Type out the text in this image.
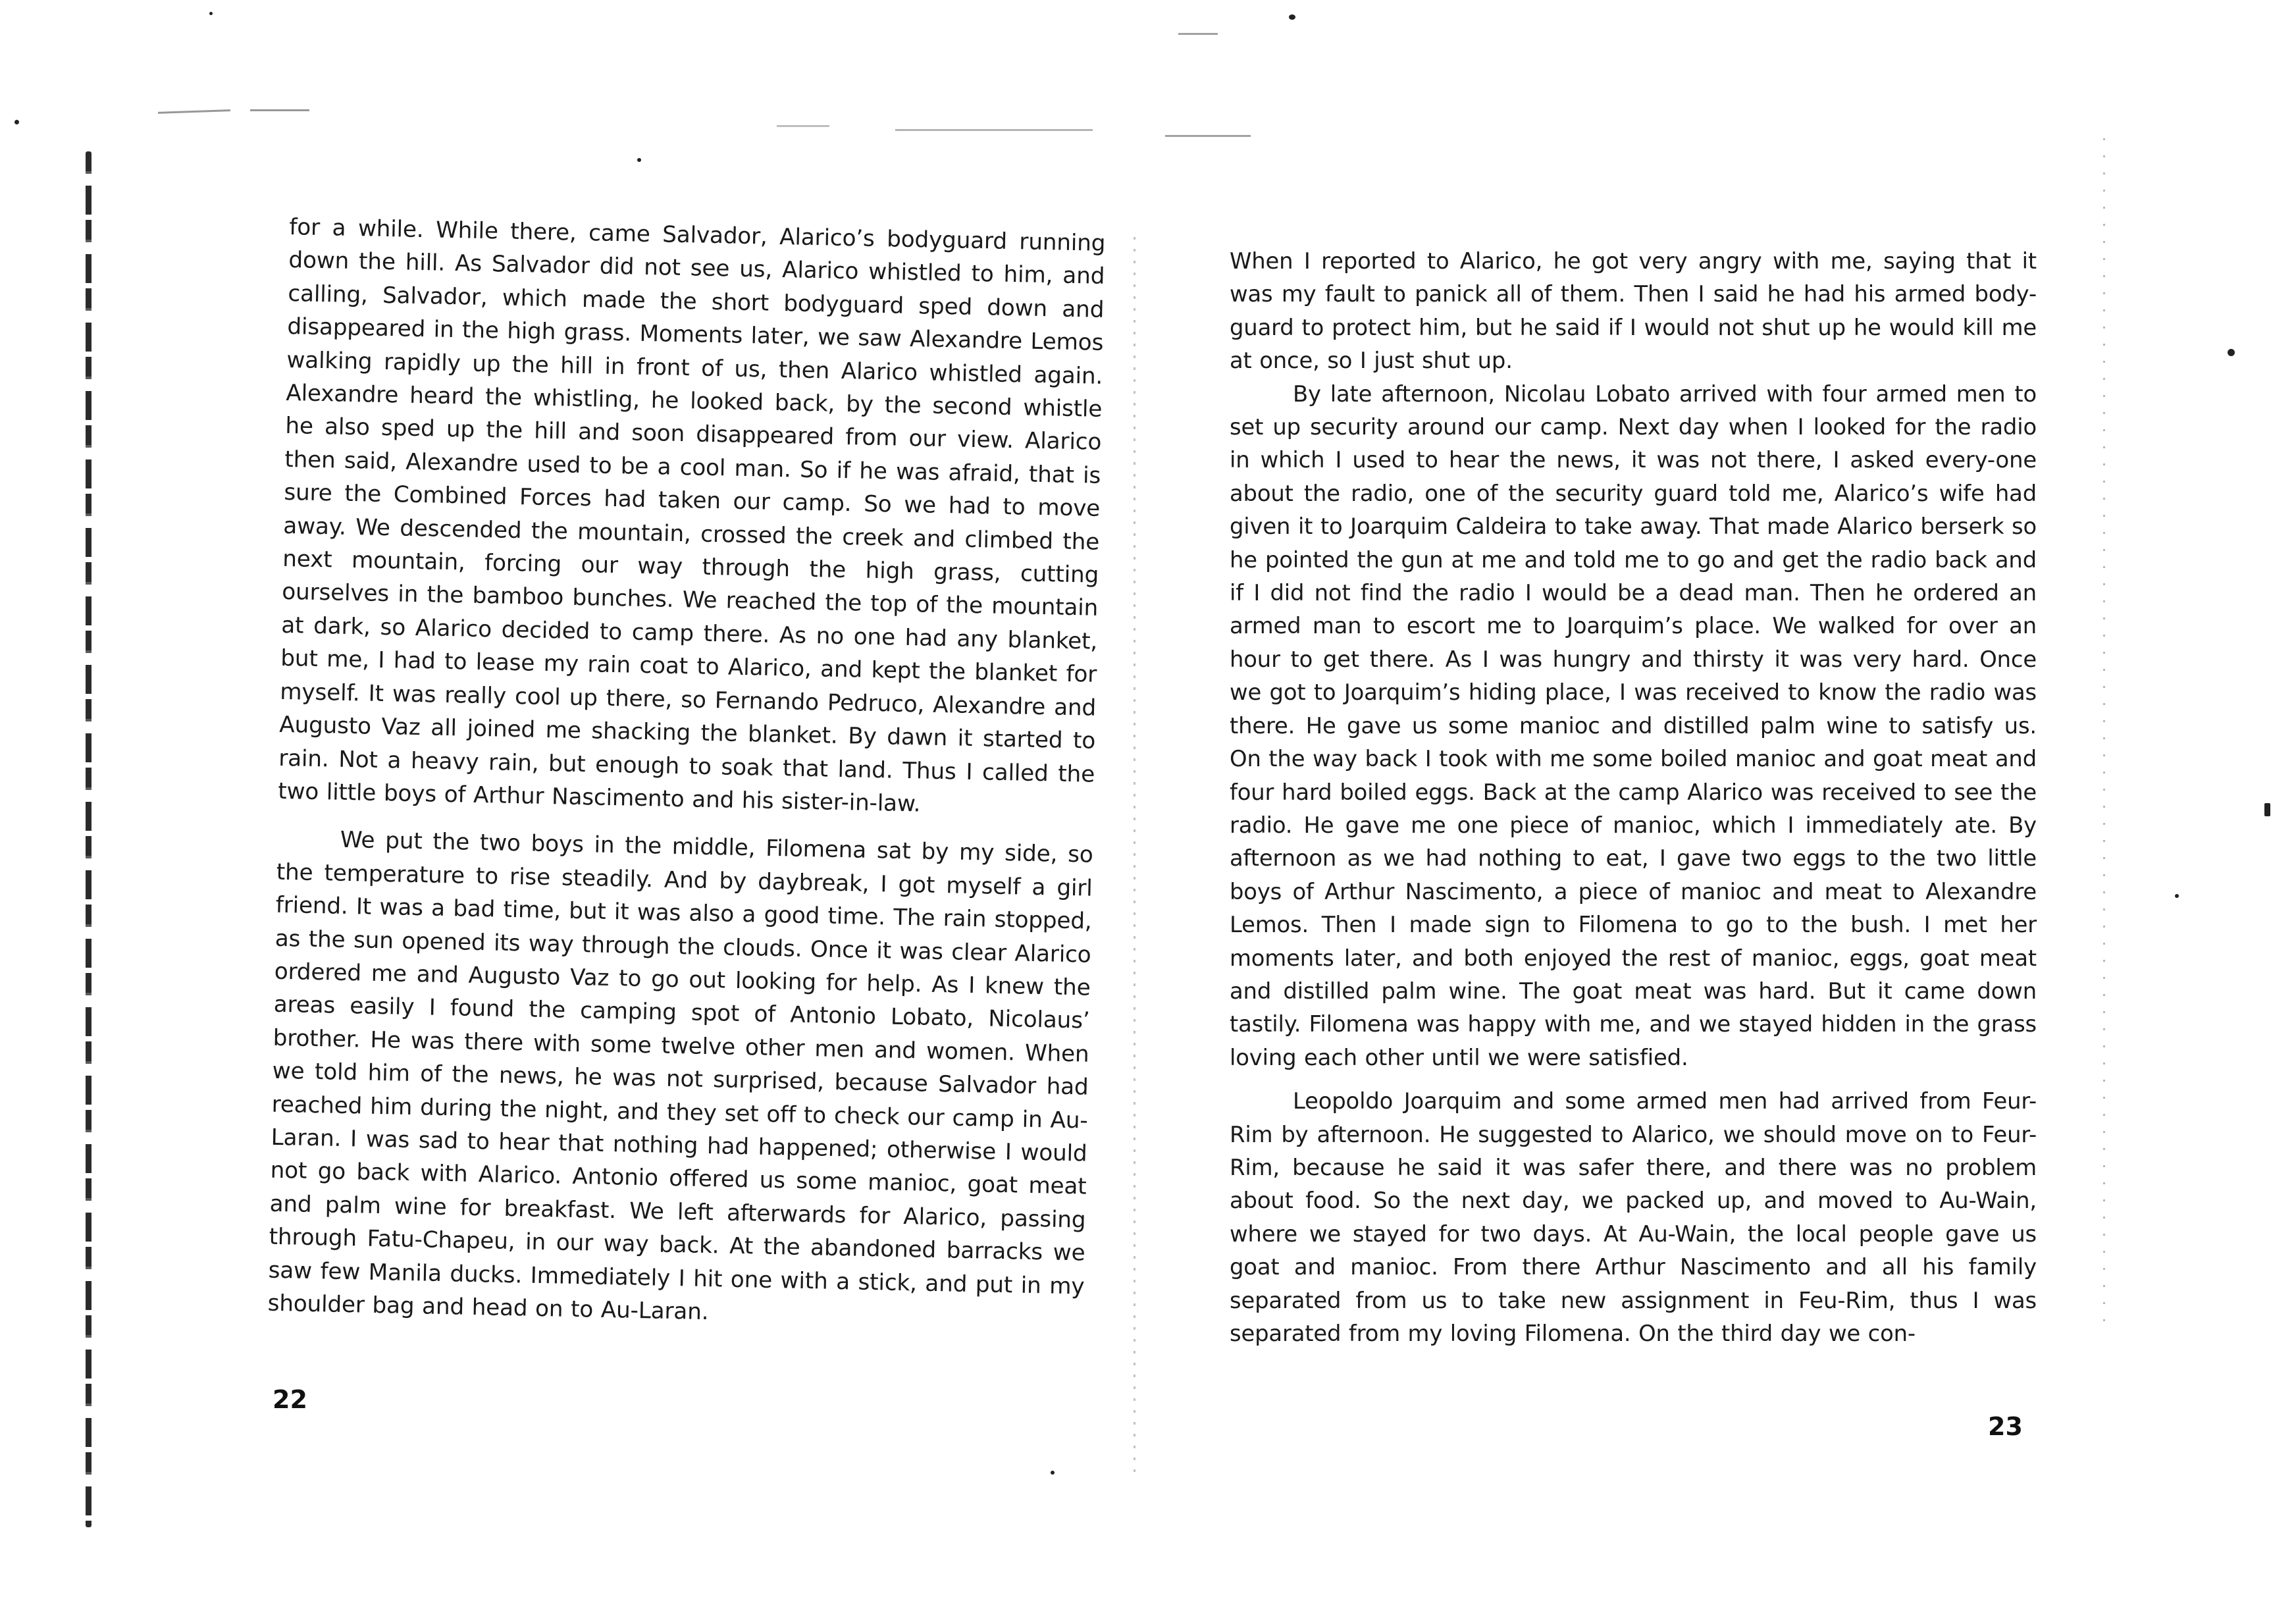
for a while. While there, came Salvador, Alarico’s bodyguard running down the hill. As Salvador did not see us, Alarico whistled to him, and calling, Salvador, which made the short bodyguard sped down and disappeared in the high grass. Moments later, we saw Alexandre Lemos walking rapidly up the hill in front of us, then Alarico whistled again. Alexandre heard the whistling, he looked back, by the second whistle he also sped up the hill and soon disappeared from our view. Alarico then said, Alexandre used to be a cool man. So if he was afraid, that is sure the Combined Forces had taken our camp. So we had to move away. We descended the mountain, crossed the creek and climbed the next mountain, forcing our way through the high grass, cutting ourselves in the bamboo bunches. We reached the top of the mountain at dark, so Alarico decided to camp there. As no one had any blanket, but me, I had to lease my rain coat to Alarico, and kept the blanket for myself. It was really cool up there, so Fernando Pedruco, Alexandre and Augusto Vaz all joined me shacking the blanket. By dawn it started to rain. Not a heavy rain, but enough to soak that land. Thus I called the two little boys of Arthur Nascimento and his sister-in-law.

We put the two boys in the middle, Filomena sat by my side, so the temperature to rise steadily. And by daybreak, I got myself a girl friend. It was a bad time, but it was also a good time. The rain stopped, as the sun opened its way through the clouds. Once it was clear Alarico ordered me and Augusto Vaz to go out looking for help. As I knew the areas easily I found the camping spot of Antonio Lobato, Nicolaus’ brother. He was there with some twelve other men and women. When we told him of the news, he was not surprised, because Salvador had reached him during the night, and they set off to check our camp in Au-Laran. I was sad to hear that nothing had happened; otherwise I would not go back with Alarico. Antonio offered us some manioc, goat meat and palm wine for breakfast. We left afterwards for Alarico, passing through Fatu-Chapeu, in our way back. At the abandoned barracks we saw few Manila ducks. Immediately I hit one with a stick, and put in my shoulder bag and head on to Au-Laran.

22

When I reported to Alarico, he got very angry with me, saying that it was my fault to panick all of them. Then I said he had his armed body-guard to protect him, but he said if I would not shut up he would kill me at once, so I just shut up.

By late afternoon, Nicolau Lobato arrived with four armed men to set up security around our camp. Next day when I looked for the radio in which I used to hear the news, it was not there, I asked every-one about the radio, one of the security guard told me, Alarico’s wife had given it to Joarquim Caldeira to take away. That made Alarico berserk so he pointed the gun at me and told me to go and get the radio back and if I did not find the radio I would be a dead man. Then he ordered an armed man to escort me to Joarquim’s place. We walked for over an hour to get there. As I was hungry and thirsty it was very hard. Once we got to Joarquim’s hiding place, I was received to know the radio was there. He gave us some manioc and distilled palm wine to satisfy us. On the way back I took with me some boiled manioc and goat meat and four hard boiled eggs. Back at the camp Alarico was received to see the radio. He gave me one piece of manioc, which I immediately ate. By afternoon as we had nothing to eat, I gave two eggs to the two little boys of Arthur Nascimento, a piece of manioc and meat to Alexandre Lemos. Then I made sign to Filomena to go to the bush. I met her moments later, and both enjoyed the rest of manioc, eggs, goat meat and distilled palm wine. The goat meat was hard. But it came down tastily. Filomena was happy with me, and we stayed hidden in the grass loving each other until we were satisfied.

Leopoldo Joarquim and some armed men had arrived from Feur-Rim by afternoon. He suggested to Alarico, we should move on to Feur-Rim, because he said it was safer there, and there was no problem about food. So the next day, we packed up, and moved to Au-Wain, where we stayed for two days. At Au-Wain, the local people gave us goat and manioc. From there Arthur Nascimento and all his family separated from us to take new assignment in Feu-Rim, thus I was separated from my loving Filomena. On the third day we con-

23
